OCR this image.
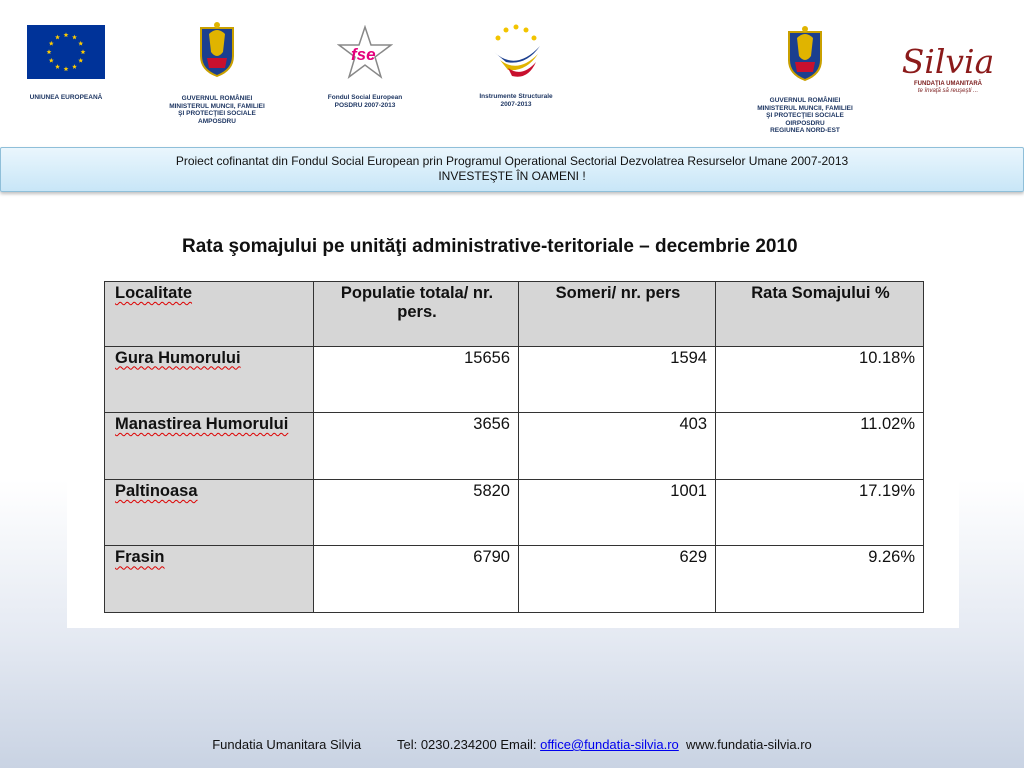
UNIUNEA EUROPEANĂ	GUVERNUL ROMÂNIEI
MINISTERUL MUNCII, FAMILIEI
ŞI PROTECŢIEI SOCIALE
AMPOSDRU
fse
Fondul Social European
POSDRU 2007-2013
Instrumente Structurale
2007-2013	GUVERNUL ROMÂNIEI
MINISTERUL MUNCII, FAMILIEI
ŞI PROTECŢIEI SOCIALE
OIRPOSDRU
REGIUNEA NORD-EST
Silvia
FUNDAŢIA UMANITARĂ
te învaţă să reuşeşti ...
Proiect cofinantat din Fondul Social European prin Programul Operational Sectorial Dezvolatrea Resurselor Umane 2007-2013
INVESTEŞTE ÎN OAMENI !
Rata şomajului pe unităţi administrative-teritoriale – decembrie 2010
Localitate	Populatie totala/ nr. pers.	Someri/ nr. pers	Rata Somajului %
Gura Humorului	15656	1594	10.18%
Manastirea Humorului	3656	403	11.02%
Paltinoasa	5820	1001	17.19%
Frasin	6790	629	9.26%
Fundatia Umanitara Silvia	Tel: 0230.234200 Email: office@fundatia-silvia.ro www.fundatia-silvia.ro
